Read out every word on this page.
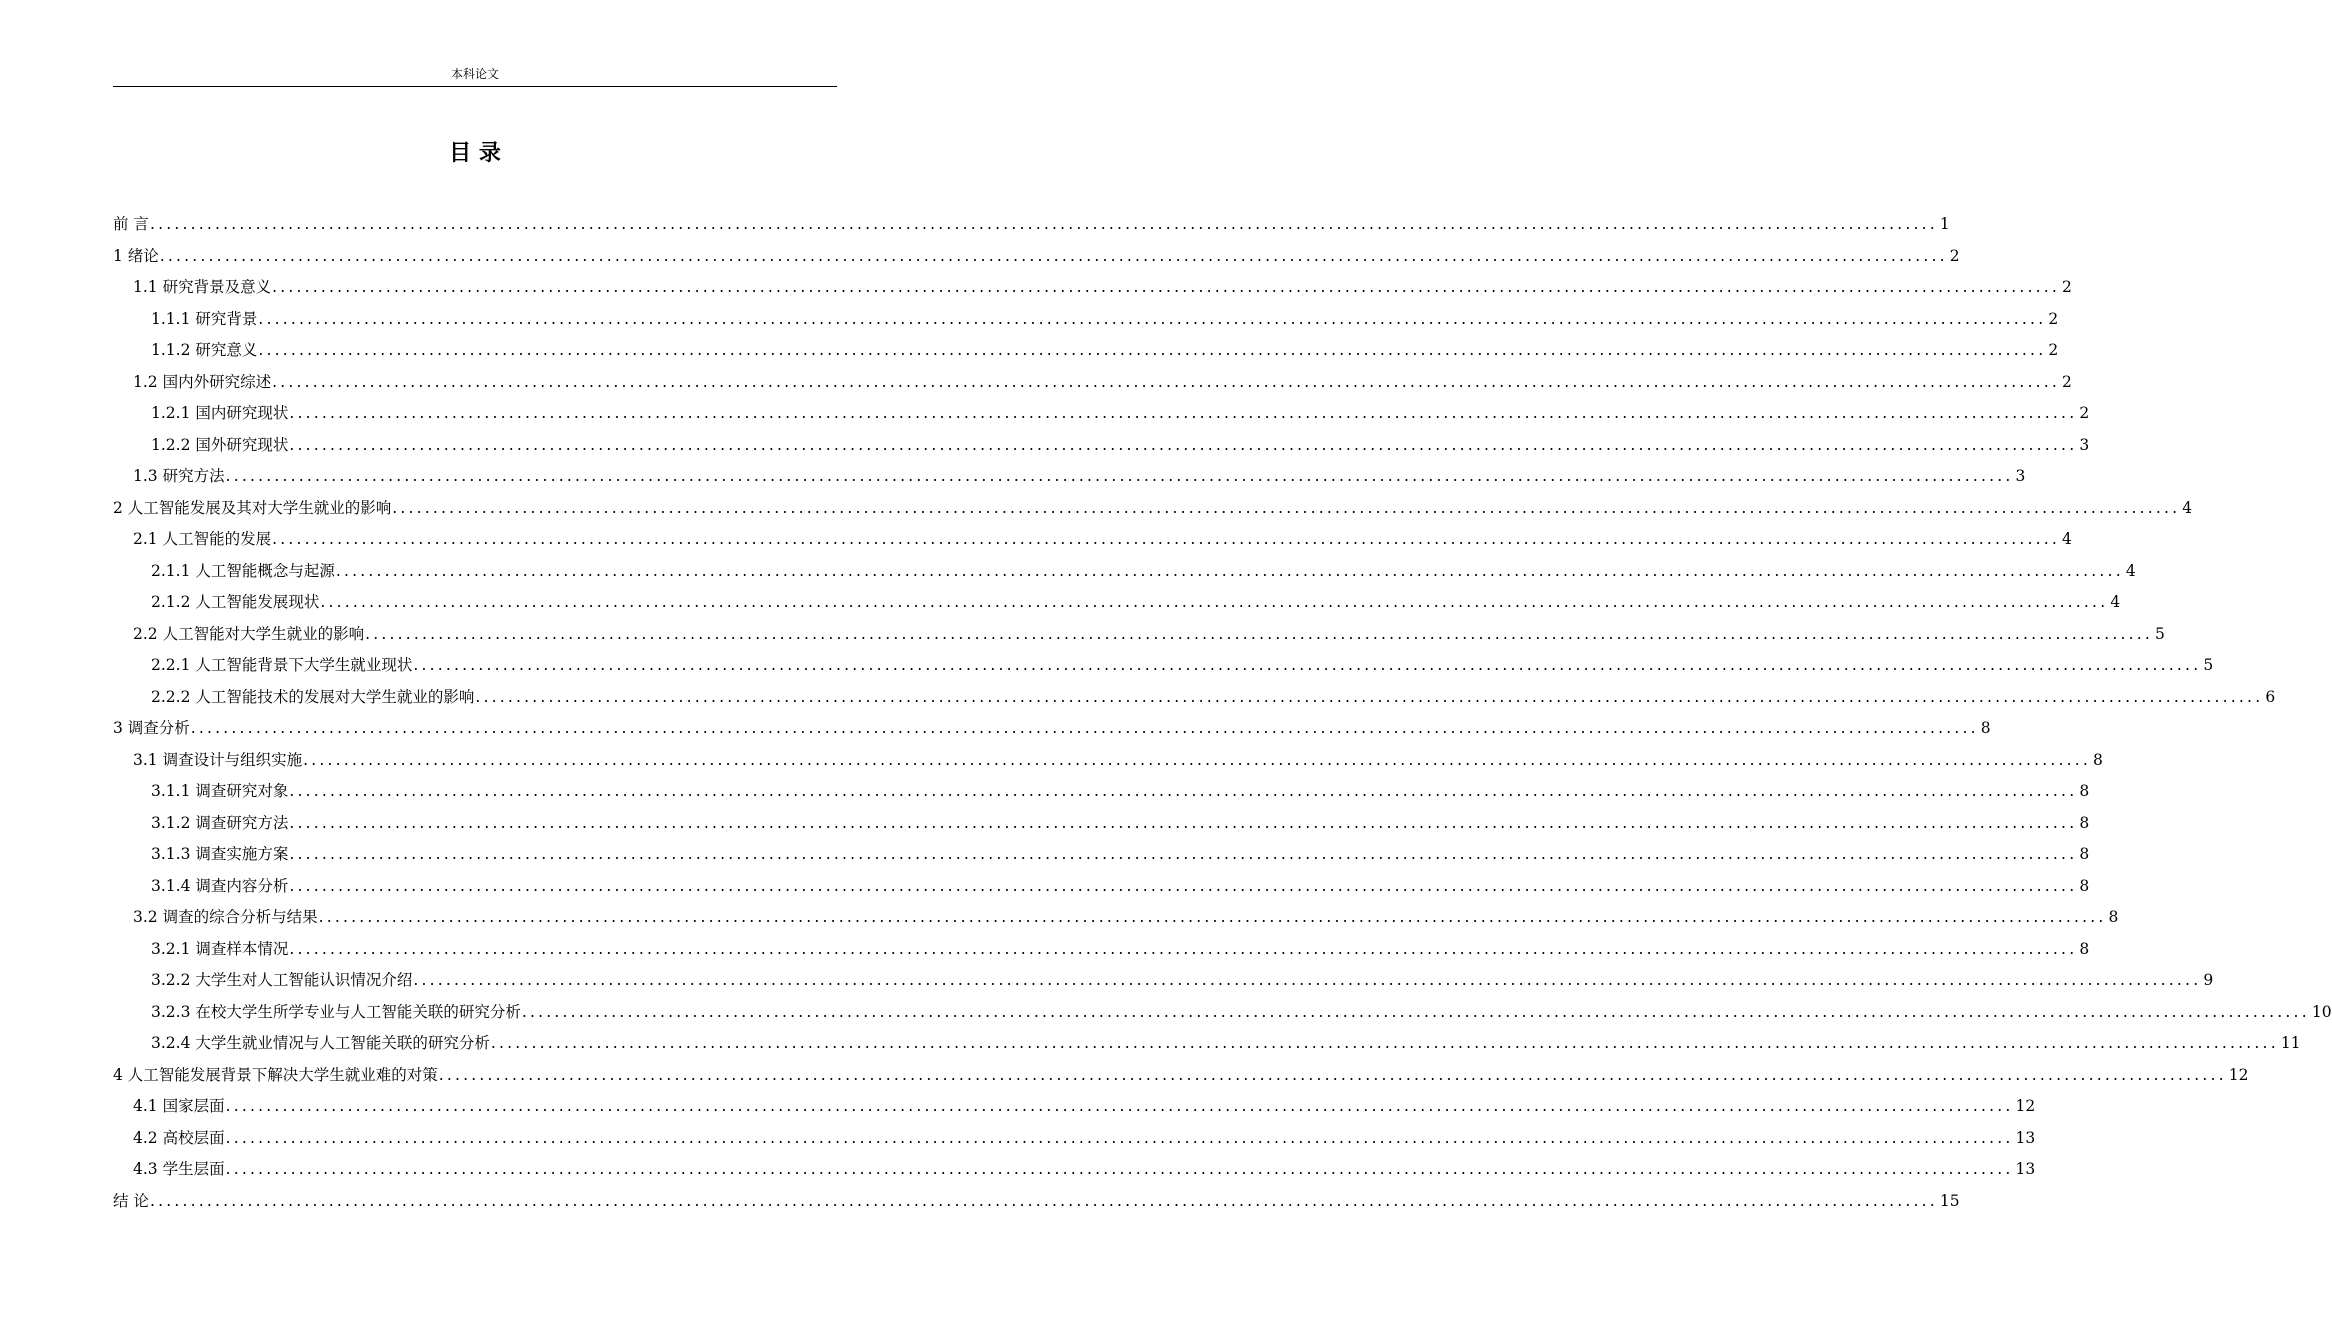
本科论文
目 录
前 言 ............................................................................................................................................................................................................................ 1
1 绪论 ............................................................................................................................................................................................................................ 2
1.1 研究背景及意义 ............................................................................................................................................................................................................................ 2
1.1.1 研究背景 ............................................................................................................................................................................................................................ 2
1.1.2 研究意义 ............................................................................................................................................................................................................................ 2
1.2 国内外研究综述 ............................................................................................................................................................................................................................ 2
1.2.1 国内研究现状 ............................................................................................................................................................................................................................ 2
1.2.2 国外研究现状 ............................................................................................................................................................................................................................ 3
1.3 研究方法 ............................................................................................................................................................................................................................ 3
2 人工智能发展及其对大学生就业的影响 ............................................................................................................................................................................................................................ 4
2.1 人工智能的发展 ............................................................................................................................................................................................................................ 4
2.1.1 人工智能概念与起源 ............................................................................................................................................................................................................................ 4
2.1.2 人工智能发展现状 ............................................................................................................................................................................................................................ 4
2.2 人工智能对大学生就业的影响 ............................................................................................................................................................................................................................ 5
2.2.1 人工智能背景下大学生就业现状 ............................................................................................................................................................................................................................ 5
2.2.2 人工智能技术的发展对大学生就业的影响 ............................................................................................................................................................................................................................ 6
3 调查分析 ............................................................................................................................................................................................................................ 8
3.1 调查设计与组织实施 ............................................................................................................................................................................................................................ 8
3.1.1 调查研究对象 ............................................................................................................................................................................................................................ 8
3.1.2 调查研究方法 ............................................................................................................................................................................................................................ 8
3.1.3 调查实施方案 ............................................................................................................................................................................................................................ 8
3.1.4 调查内容分析 ............................................................................................................................................................................................................................ 8
3.2 调查的综合分析与结果 ............................................................................................................................................................................................................................ 8
3.2.1 调查样本情况 ............................................................................................................................................................................................................................ 8
3.2.2 大学生对人工智能认识情况介绍 ............................................................................................................................................................................................................................ 9
3.2.3 在校大学生所学专业与人工智能关联的研究分析 ............................................................................................................................................................................................................................ 10
3.2.4 大学生就业情况与人工智能关联的研究分析 ............................................................................................................................................................................................................................ 11
4 人工智能发展背景下解决大学生就业难的对策 ............................................................................................................................................................................................................................ 12
4.1 国家层面 ............................................................................................................................................................................................................................ 12
4.2 高校层面 ............................................................................................................................................................................................................................ 13
4.3 学生层面 ............................................................................................................................................................................................................................ 13
结 论 ............................................................................................................................................................................................................................ 15
